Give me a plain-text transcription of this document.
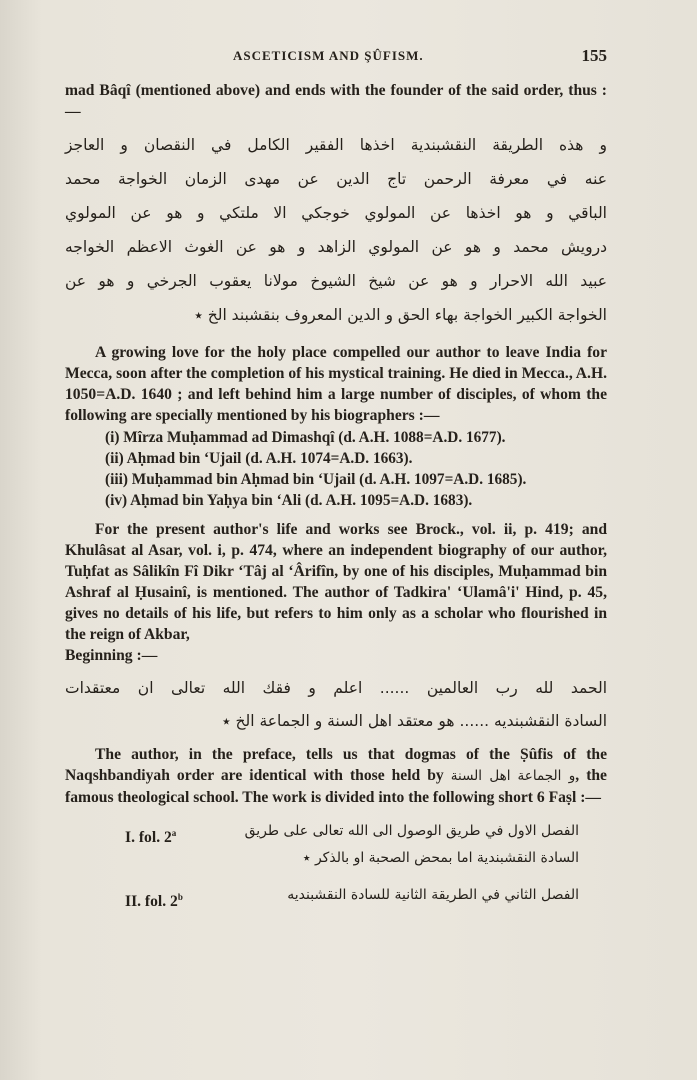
ASCETICISM AND ŞÛFISM.	155

mad Bâqî (mentioned above) and ends with the founder of the said order, thus :—

و هذه الطريقة النقشبندية اخذها الفقير الكامل في النقصان و العاجز
عنه في معرفة الرحمن تاج الدين عن مهدى الزمان الخواجة محمد
الباقي و هو اخذها عن المولوي خوجكي الا ملتكي و هو عن المولوي
درويش محمد و هو عن المولوي الزاهد و هو عن الغوث الاعظم الخواجه
عبيد الله الاحرار و هو عن شيخ الشيوخ مولانا يعقوب الجرخي و هو عن
الخواجة الكبير الخواجة بهاء الحق و الدين المعروف بنقشبند الخ ٭

A growing love for the holy place compelled our author to leave India for Mecca, soon after the completion of his mystical training. He died in Mecca., A.H. 1050=A.D. 1640 ; and left behind him a large number of disciples, of whom the following are specially mentioned by his biographers :—

(i) Mîrza Muḥammad ad Dimashqî (d. A.H. 1088=A.D. 1677).
(ii) Aḥmad bin ʻUjail (d. A.H. 1074=A.D. 1663).
(iii) Muḥammad bin Aḥmad bin ʻUjail (d. A.H. 1097=A.D. 1685).
(iv) Aḥmad bin Yaḥya bin ʻAli (d. A.H. 1095=A.D. 1683).

For the present author's life and works see Brock., vol. ii, p. 419; and Khulâsat al Asar, vol. i, p. 474, where an independent biography of our author, Tuḥfat as Sâlikîn Fî Dikr ʻTâj al ʻÂrifîn, by one of his disciples, Muḥammad bin Ashraf al Ḥusainî, is mentioned. The author of Tadkira' ʻUlamâ'i' Hind, p. 45, gives no details of his life, but refers to him only as a scholar who flourished in the reign of Akbar,

Beginning :—

الحمد لله رب العالمين ...... اعلم و فقك الله تعالى ان معتقدات
السادة النقشبنديه ...... هو معتقد اهل السنة و الجماعة الخ ٭

The author, in the preface, tells us that dogmas of the Ṣûfis of the Naqshbandiyah order are identical with those held by اهل السنة و الجماعة, the famous theological school. The work is divided into the following short 6 Faṣl :—

I. fol. 2$^a$	الفصل الاول في طريق الوصول الى الله تعالى على طريق
السادة النقشبندية اما بمحض الصحبة او بالذكر ٭
II. fol. 2$^b$	الفصل الثاني في الطريقة الثانية للسادة النقشبنديه
